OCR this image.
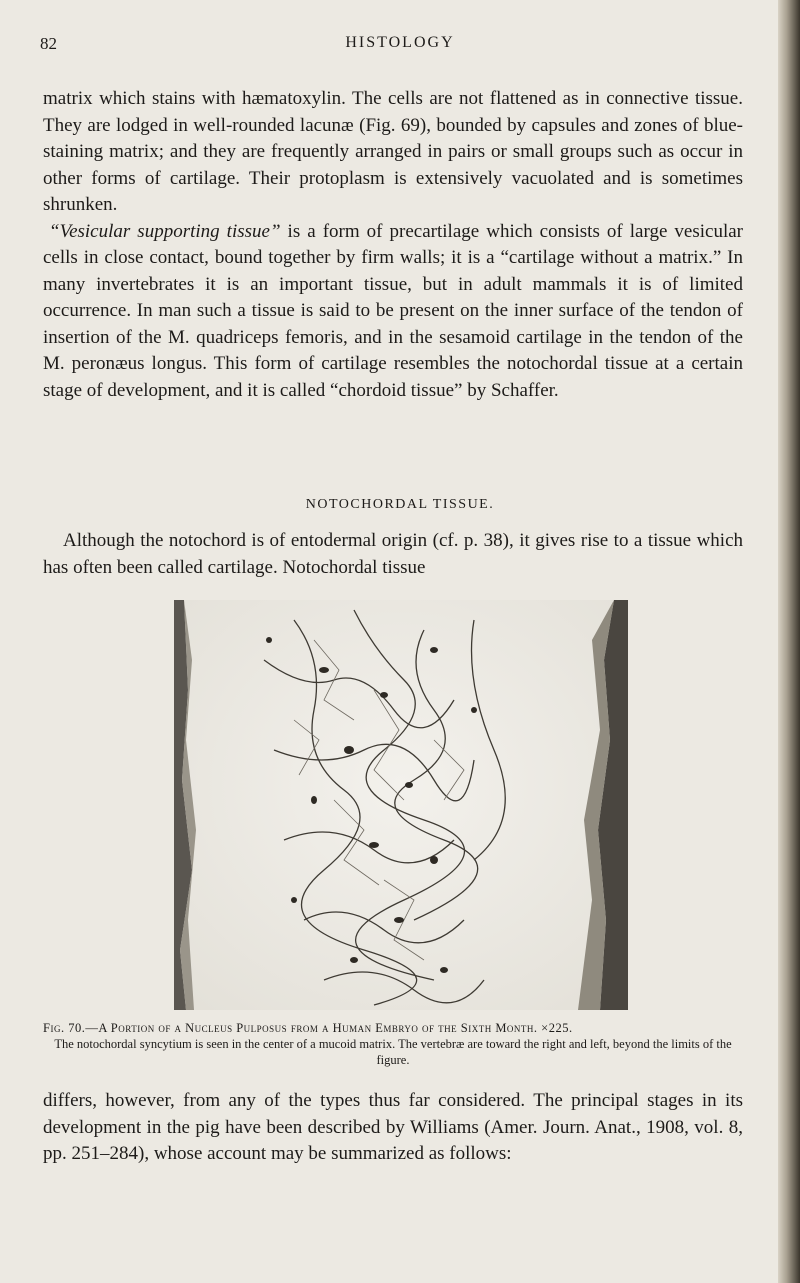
82	HISTOLOGY

matrix which stains with hæmatoxylin. The cells are not flattened as in connective tissue. They are lodged in well-rounded lacunæ (Fig. 69), bounded by capsules and zones of blue-staining matrix; and they are frequently arranged in pairs or small groups such as occur in other forms of cartilage. Their protoplasm is extensively vacuolated and is sometimes shrunken.

“Vesicular supporting tissue” is a form of precartilage which consists of large vesicular cells in close contact, bound together by firm walls; it is a “cartilage without a matrix.” In many invertebrates it is an important tissue, but in adult mammals it is of limited occurrence. In man such a tissue is said to be present on the inner surface of the tendon of insertion of the M. quadriceps femoris, and in the sesamoid cartilage in the tendon of the M. peronæus longus. This form of cartilage resembles the notochordal tissue at a certain stage of development, and it is called “chordoid tissue” by Schaffer.

NOTOCHORDAL TISSUE.

Although the notochord is of entodermal origin (cf. p. 38), it gives rise to a tissue which has often been called cartilage. Notochordal tissue

Fig. 70.—A Portion of a Nucleus Pulposus from a Human Embryo of the Sixth Month. ×225.
The notochordal syncytium is seen in the center of a mucoid matrix. The vertebræ are toward the right and left, beyond the limits of the figure.

differs, however, from any of the types thus far considered. The principal stages in its development in the pig have been described by Williams (Amer. Journ. Anat., 1908, vol. 8, pp. 251–284), whose account may be summarized as follows:
